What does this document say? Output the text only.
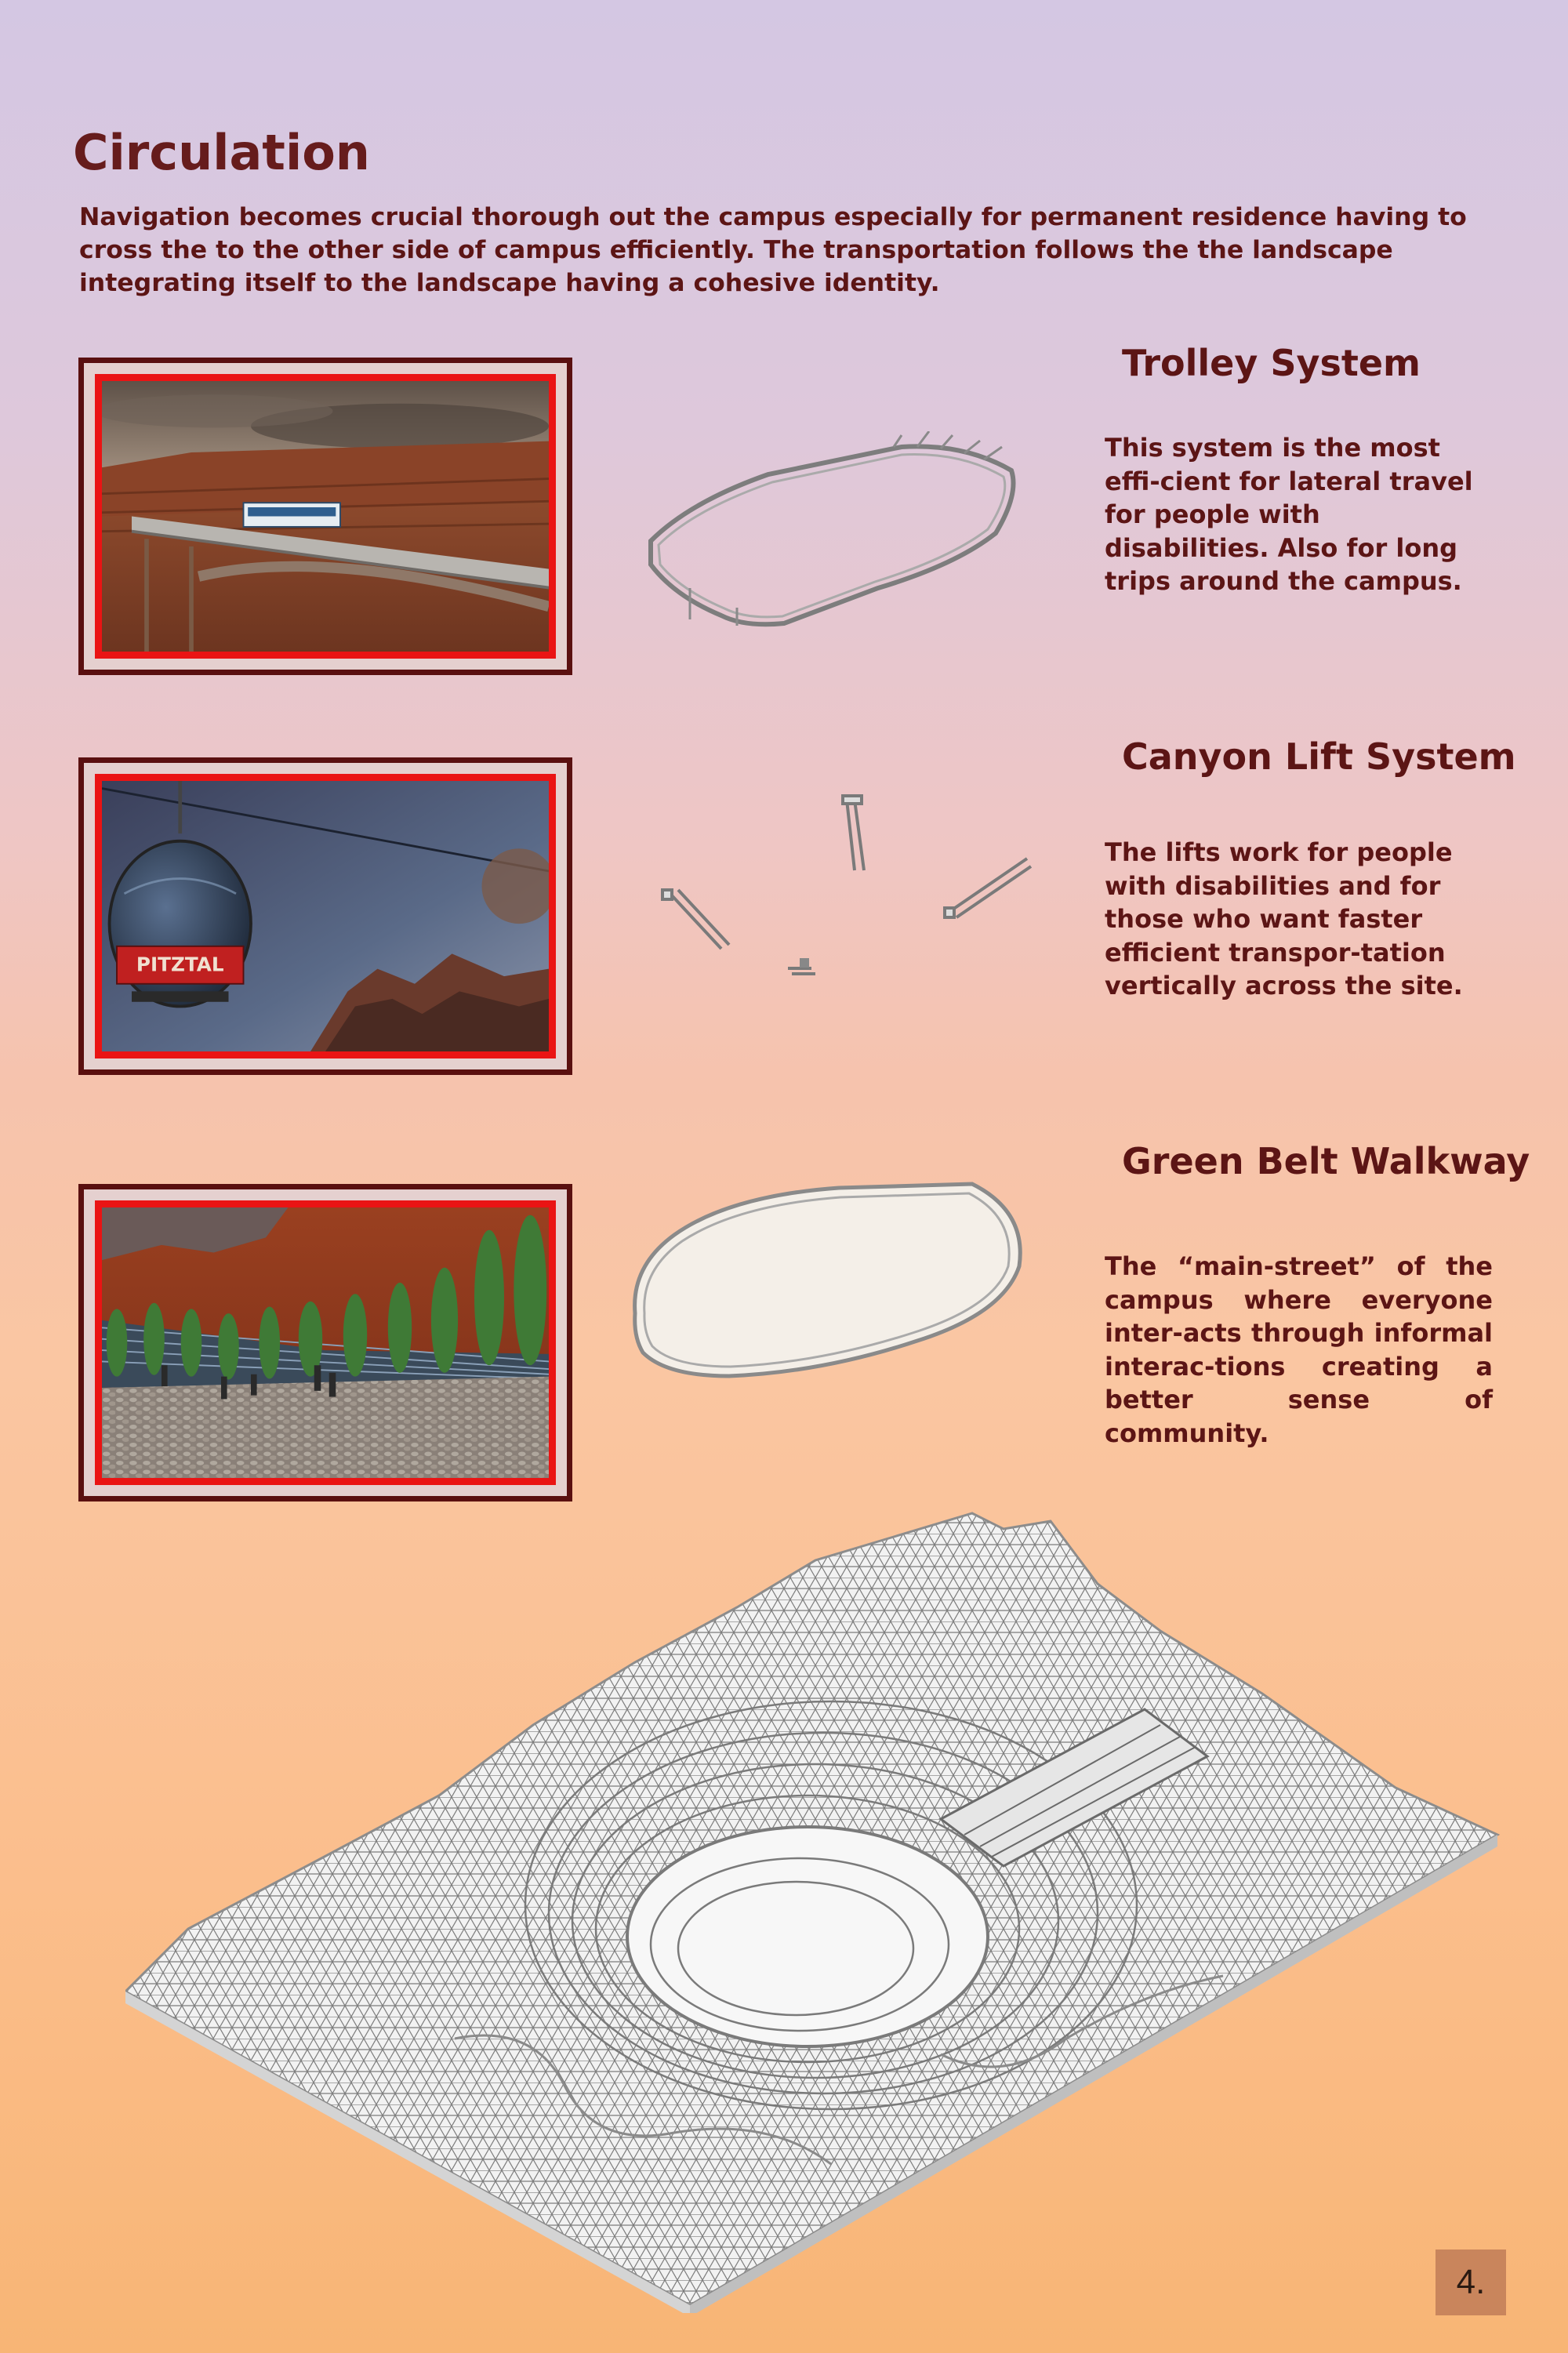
Circulation

Navigation becomes crucial thorough out the campus especially for permanent residence having to cross the to the other side of campus efficiently. The transportation follows the the landscape integrating itself to the landscape having a cohesive identity.

Trolley System

This system is the most effi-cient for lateral travel for people with disabilities. Also for long trips around the campus.

PITZTAL
Canyon Lift System

The lifts work for people with disabilities and for those who want faster efficient transpor-tation vertically across the site.

Green Belt Walkway

The “main-street” of the campus where everyone inter-acts through informal interac-tions creating a better sense of community.

4.
